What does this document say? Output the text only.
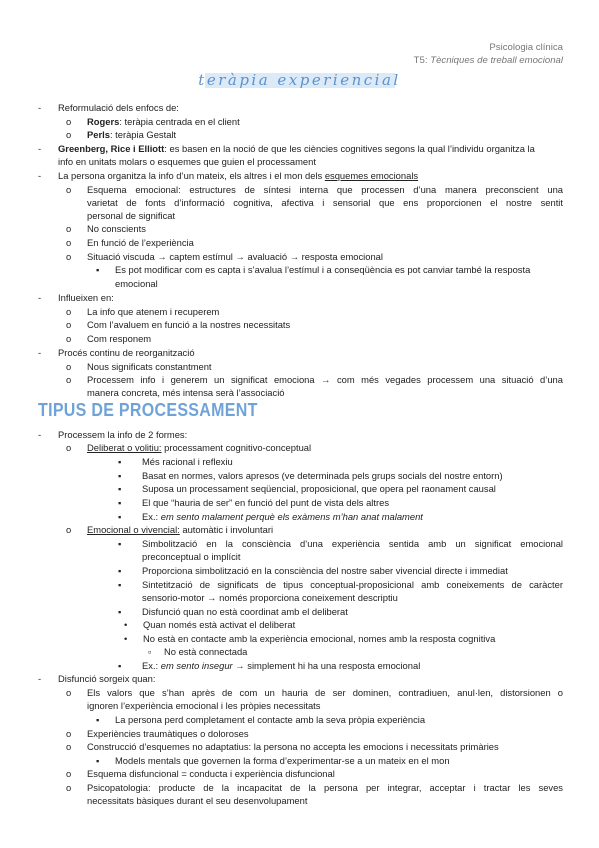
Psicologia clínica
T5: Tècniques de treball emocional
teràpia experiencial
- Reformulació dels enfocs de:
o Rogers: teràpia centrada en el client
o Perls: teràpia Gestalt
- Greenberg, Rice i Elliott: es basen en la noció de que les ciències cognitives segons la qual l’individu organitza la
info en unitats molars o esquemes que guien el processament
- La persona organitza la info d’un mateix, els altres i el mon dels esquemes emocionals
o Esquema emocional: estructures de síntesi interna que processen d’una manera preconscient una
varietat de fonts d’informació cognitiva, afectiva i sensorial que ens proporcionen el nostre sentit
personal de significat
o No conscients
o En funció de l’experiència
o Situació viscuda → captem estímul → avaluació → resposta emocional
▪ Es pot modificar com es capta i s’avalua l’estímul i a conseqüència es pot canviar també la resposta
emocional
- Influeixen en:
o La info que atenem i recuperem
o Com l’avaluem en funció a la nostres necessitats
o Com responem
- Procés continu de reorganització
o Nous significats constantment
o Processem info i generem un significat emociona → com més vegades processem una situació d’una
manera concreta, més intensa serà l’associació
TIPUS DE PROCESSAMENT
- Processem la info de 2 formes:
o Deliberat o volitiu: processament cognitivo-conceptual
▪ Més racional i reflexiu
▪ Basat en normes, valors apresos (ve determinada pels grups socials del nostre entorn)
▪ Suposa un processament seqüencial, proposicional, que opera pel raonament causal
▪ El que “hauria de ser” en funció del punt de vista dels altres
▪ Ex.: em sento malament perquè els exàmens m’han anat malament
o Emocional o vivencial: automàtic i involuntari
▪ Simbolització en la consciència d’una experiència sentida amb un significat emocional
preconceptual o implícit
▪ Proporciona simbolització en la consciència del nostre saber vivencial directe i immediat
▪ Sintetització de significats de tipus conceptual-proposicional amb coneixements de caràcter
sensorio-motor → només proporciona coneixement descriptiu
▪ Disfunció quan no està coordinat amb el deliberat
• Quan només està activat el deliberat
• No està en contacte amb la experiència emocional, nomes amb la resposta cognitiva
▫ No està connectada
▪ Ex.: em sento insegur → simplement hi ha una resposta emocional
- Disfunció sorgeix quan:
o Els valors que s’han après de com un hauria de ser dominen, contradiuen, anul·len, distorsionen o
ignoren l’experiència emocional i les pròpies necessitats
▪ La persona perd completament el contacte amb la seva pròpia experiència
o Experiències traumàtiques o doloroses
o Construcció d’esquemes no adaptatius: la persona no accepta les emocions i necessitats primàries
▪ Models mentals que governen la forma d’experimentar-se a un mateix en el mon
o Esquema disfuncional = conducta i experiència disfuncional
o Psicopatologia: producte de la incapacitat de la persona per integrar, acceptar i tractar les seves
necessitats bàsiques durant el seu desenvolupament
